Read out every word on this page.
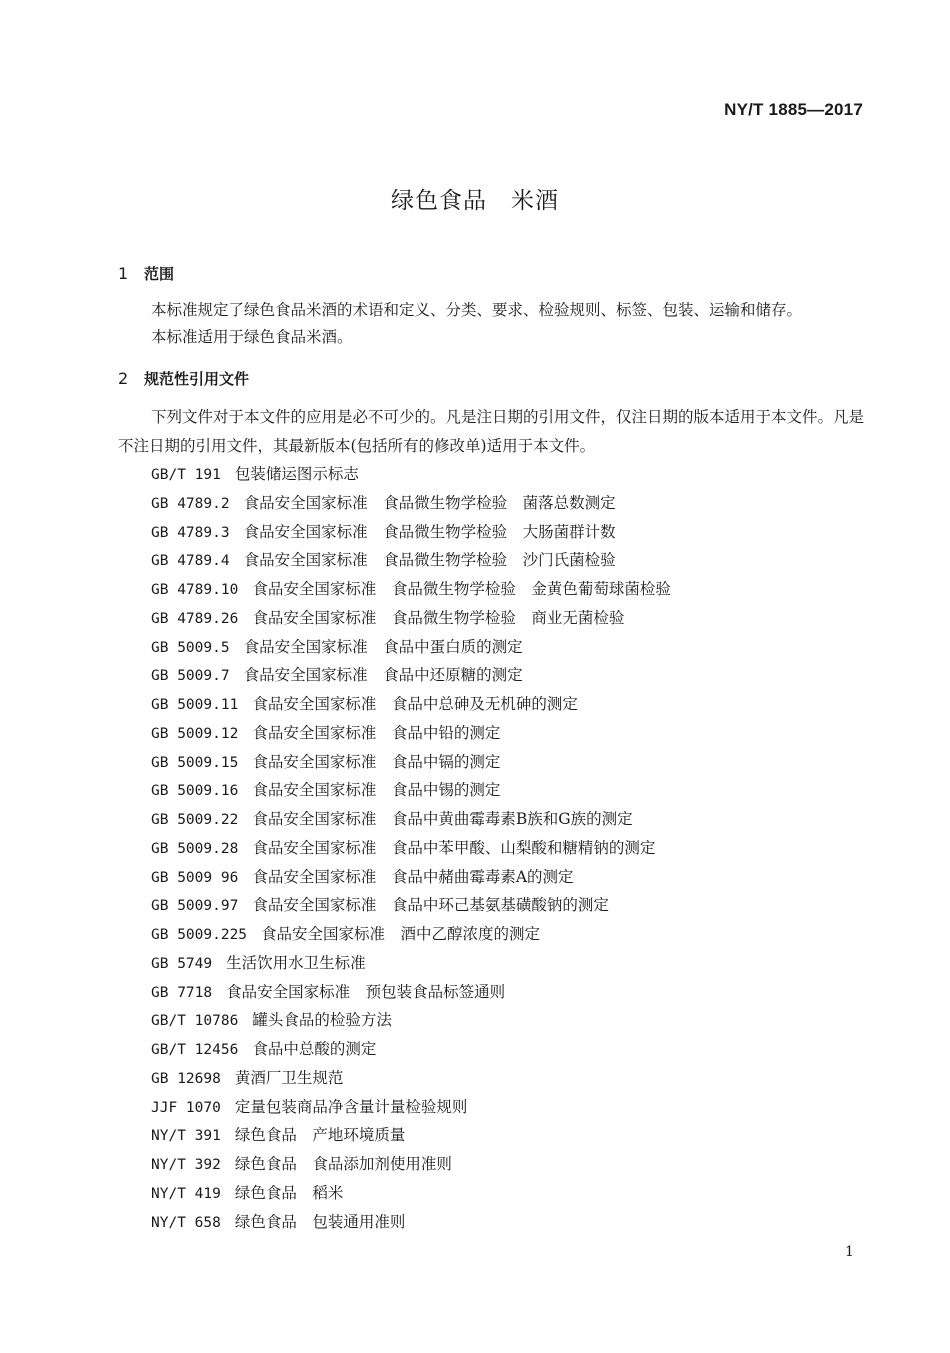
NY/T 1885—2017
绿色食品　米酒
1	范围
本标准规定了绿色食品米酒的术语和定义、分类、要求、检验规则、标签、包装、运输和储存。
本标准适用于绿色食品米酒。
2	规范性引用文件
下列文件对于本文件的应用是必不可少的。凡是注日期的引用文件，仅注日期的版本适用于本文件。凡是不注日期的引用文件，其最新版本(包括所有的修改单)适用于本文件。
GB/T 191 包装储运图示标志
GB 4789.2 食品安全国家标准　食品微生物学检验　菌落总数测定
GB 4789.3 食品安全国家标准　食品微生物学检验　大肠菌群计数
GB 4789.4 食品安全国家标准　食品微生物学检验　沙门氏菌检验
GB 4789.10 食品安全国家标准　食品微生物学检验　金黄色葡萄球菌检验
GB 4789.26 食品安全国家标准　食品微生物学检验　商业无菌检验
GB 5009.5 食品安全国家标准　食品中蛋白质的测定
GB 5009.7 食品安全国家标准　食品中还原糖的测定
GB 5009.11 食品安全国家标准　食品中总砷及无机砷的测定
GB 5009.12 食品安全国家标准　食品中铅的测定
GB 5009.15 食品安全国家标准　食品中镉的测定
GB 5009.16 食品安全国家标准　食品中锡的测定
GB 5009.22 食品安全国家标准　食品中黄曲霉毒素B族和G族的测定
GB 5009.28 食品安全国家标准　食品中苯甲酸、山梨酸和糖精钠的测定
GB 5009 96 食品安全国家标准　食品中赭曲霉毒素A的测定
GB 5009.97 食品安全国家标准　食品中环己基氨基磺酸钠的测定
GB 5009.225 食品安全国家标准　酒中乙醇浓度的测定
GB 5749 生活饮用水卫生标准
GB 7718 食品安全国家标准　预包装食品标签通则
GB/T 10786 罐头食品的检验方法
GB/T 12456 食品中总酸的测定
GB 12698 黄酒厂卫生规范
JJF 1070 定量包装商品净含量计量检验规则
NY/T 391 绿色食品　产地环境质量
NY/T 392 绿色食品　食品添加剂使用准则
NY/T 419 绿色食品　稻米
NY/T 658 绿色食品　包装通用准则
1
